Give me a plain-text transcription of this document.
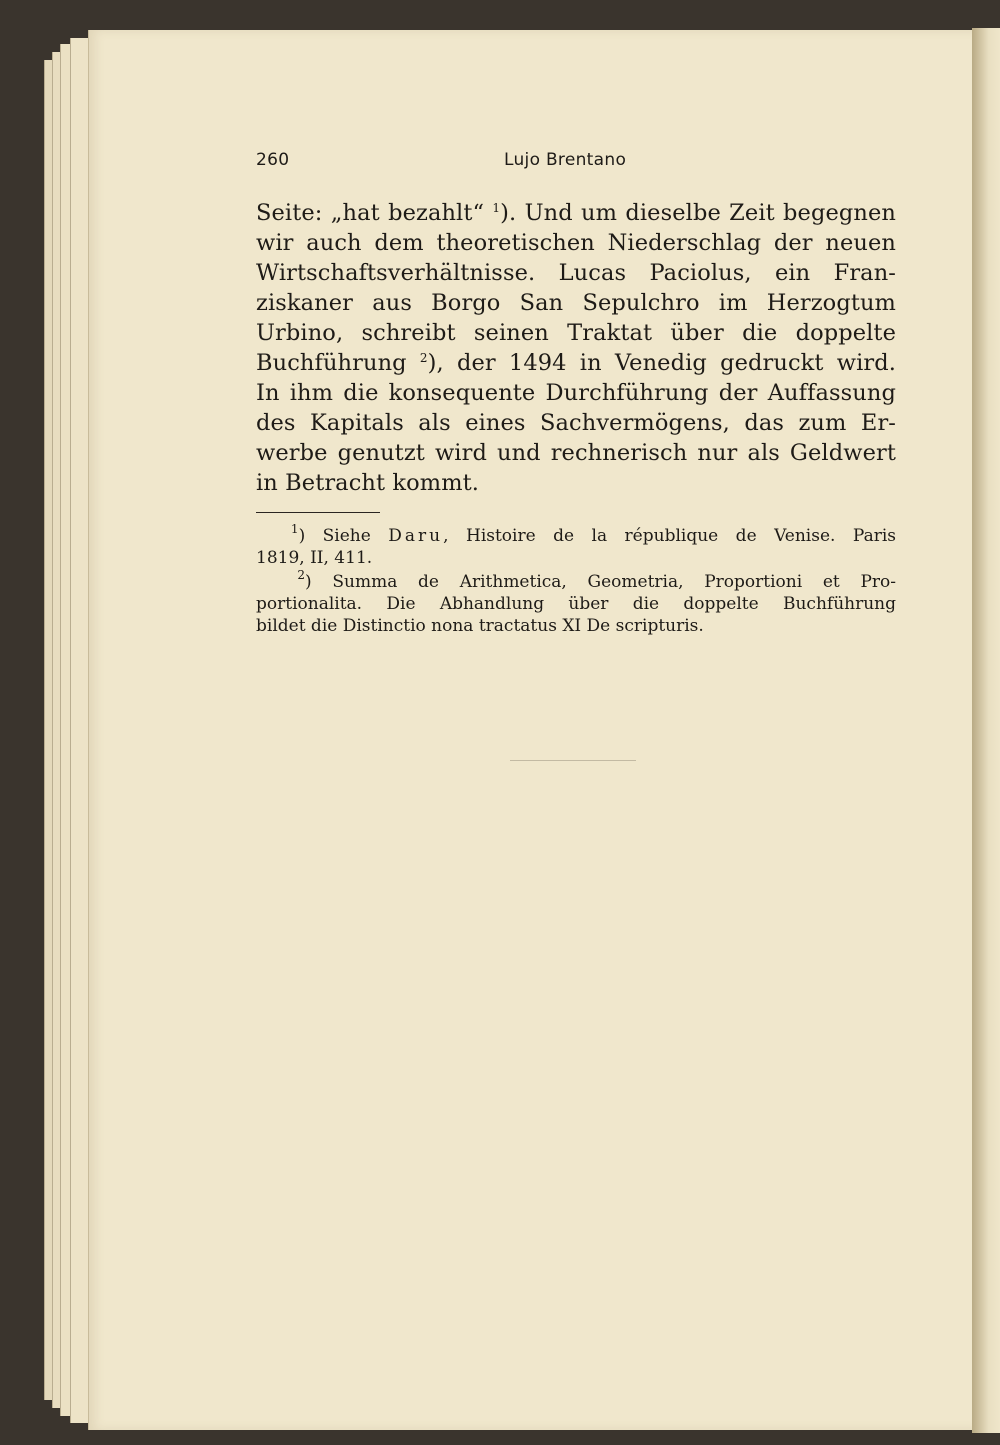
260	Lujo Brentano
Seite: „hat bezahlt“ $^1$). Und um dieselbe Zeit begegnen
wir auch dem theoretischen Niederschlag der neuen
Wirtschaftsverhältnisse. Lucas Paciolus, ein Fran-
ziskaner aus Borgo San Sepulchro im Herzogtum
Urbino, schreibt seinen Traktat über die doppelte
Buchführung $^2$), der 1494 in Venedig gedruckt wird.
In ihm die konsequente Durchführung der Auffassung
des Kapitals als eines Sachvermögens, das zum Er-
werbe genutzt wird und rechnerisch nur als Geldwert
in Betracht kommt.
$^1$) Siehe Daru, Histoire de la république de Venise. Paris
1819, II, 411.
$^2$) Summa de Arithmetica, Geometria, Proportioni et Pro-
portionalita. Die Abhandlung über die doppelte Buchführung
bildet die Distinctio nona tractatus XI De scripturis.
